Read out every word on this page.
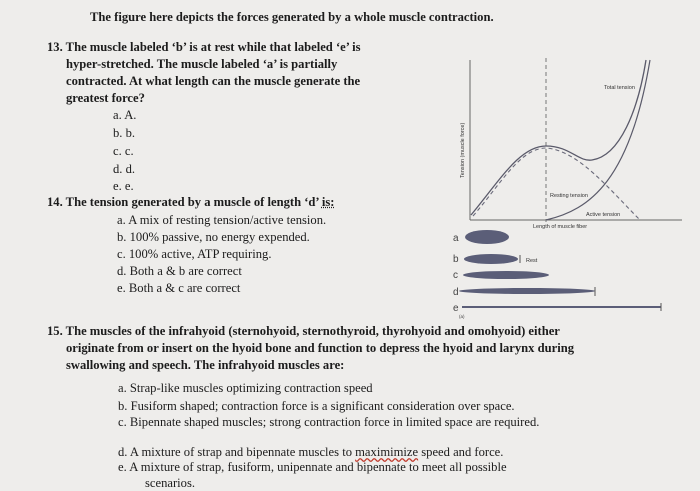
The figure here depicts the forces generated by a whole muscle contraction.
13. The muscle labeled ‘b’ is at rest while that labeled ‘e’ is
hyper-stretched. The muscle labeled ‘a’ is partially
contracted. At what length can the muscle generate the
greatest force?
a. A.
b. b.
c. c.
d. d.
e. e.
14. The tension generated by a muscle of length ‘d’ is:
a. A mix of resting tension/active tension.
b. 100% passive, no energy expended.
c. 100% active, ATP requiring.
d. Both a & b are correct
e. Both a & c are correct
15. The muscles of the infrahyoid (sternohyoid, sternothyroid, thyrohyoid and omohyoid) either
originate from or insert on the hyoid bone and function to depress the hyoid and larynx during
swallowing and speech. The infrahyoid muscles are:
a. Strap-like muscles optimizing contraction speed
b. Fusiform shaped; contraction force is a significant consideration over space.
c. Bipennate shaped muscles; strong contraction force in limited space are required.
d. A mixture of strap and bipennate muscles to maximimize speed and force.
e. A mixture of strap, fusiform, unipennate and bipennate to meet all possible
scenarios.
Total tension
Resting tension
Active tension
Length of muscle fiber
Tension (muscle force)
a
b	Rest
c
d
e
(a)
